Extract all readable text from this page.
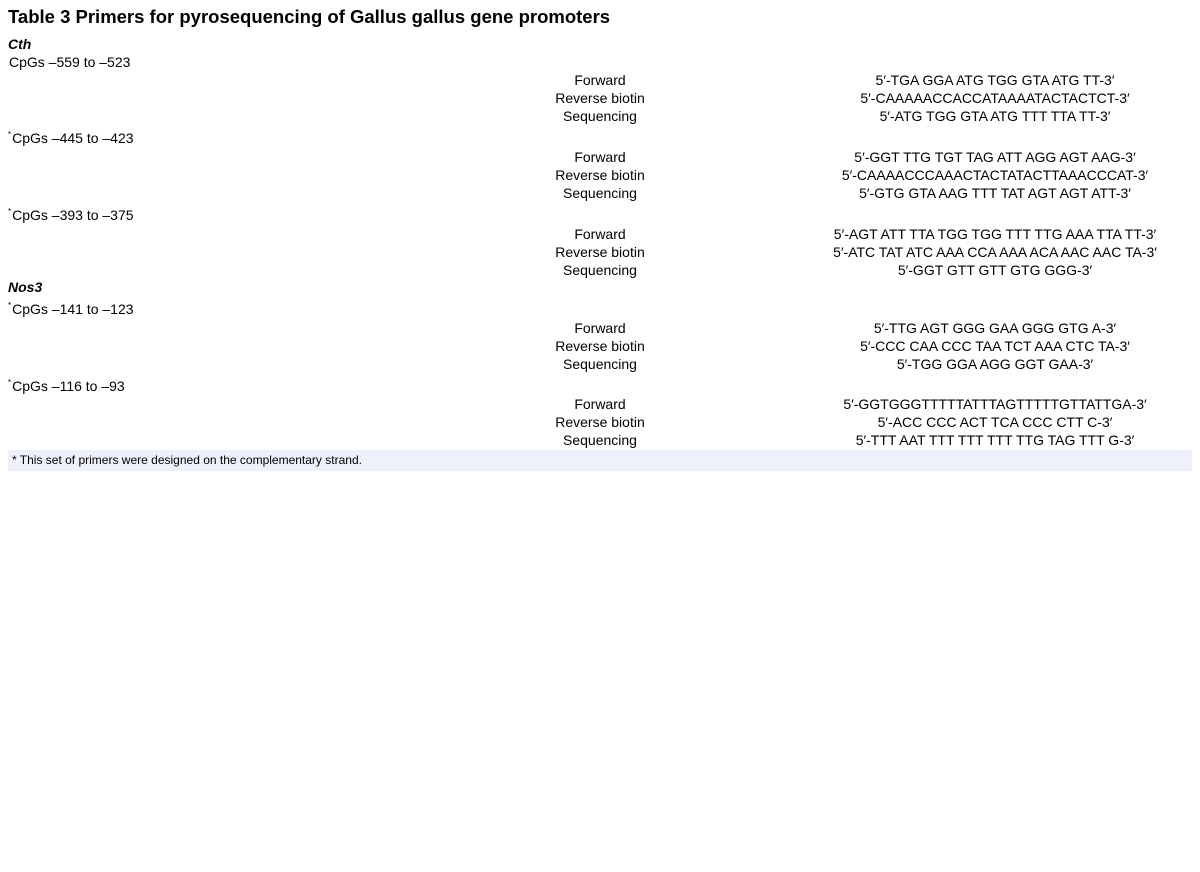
Table 3 Primers for pyrosequencing of Gallus gallus gene promoters
Cth
CpGs –559 to –523
Forward	5′-TGA GGA ATG TGG GTA ATG TT-3′
Reverse biotin	5′-CAAAAACCACCATAAAATACTACTCT-3′
Sequencing	5′-ATG TGG GTA ATG TTT TTA TT-3′
*CpGs –445 to –423
Forward	5′-GGT TTG TGT TAG ATT AGG AGT AAG-3′
Reverse biotin	5′-CAAAACCCAAACTACTATACTTAAACCCAT-3′
Sequencing	5′-GTG GTA AAG TTT TAT AGT AGT ATT-3′
*CpGs –393 to –375
Forward	5′-AGT ATT TTA TGG TGG TTT TTG AAA TTA TT-3′
Reverse biotin	5′-ATC TAT ATC AAA CCA AAA ACA AAC AAC TA-3′
Sequencing	5′-GGT GTT GTT GTG GGG-3′
Nos3
*CpGs –141 to –123
Forward	5′-TTG AGT GGG GAA GGG GTG A-3′
Reverse biotin	5′-CCC CAA CCC TAA TCT AAA CTC TA-3′
Sequencing	5′-TGG GGA AGG GGT GAA-3′
*CpGs –116 to –93
Forward	5′-GGTGGGTTTTTATTTAGTTTTTGTTATTGA-3′
Reverse biotin	5′-ACC CCC ACT TCA CCC CTT C-3′
Sequencing	5′-TTT AAT TTT TTT TTT TTG TAG TTT G-3′
* This set of primers were designed on the complementary strand.
